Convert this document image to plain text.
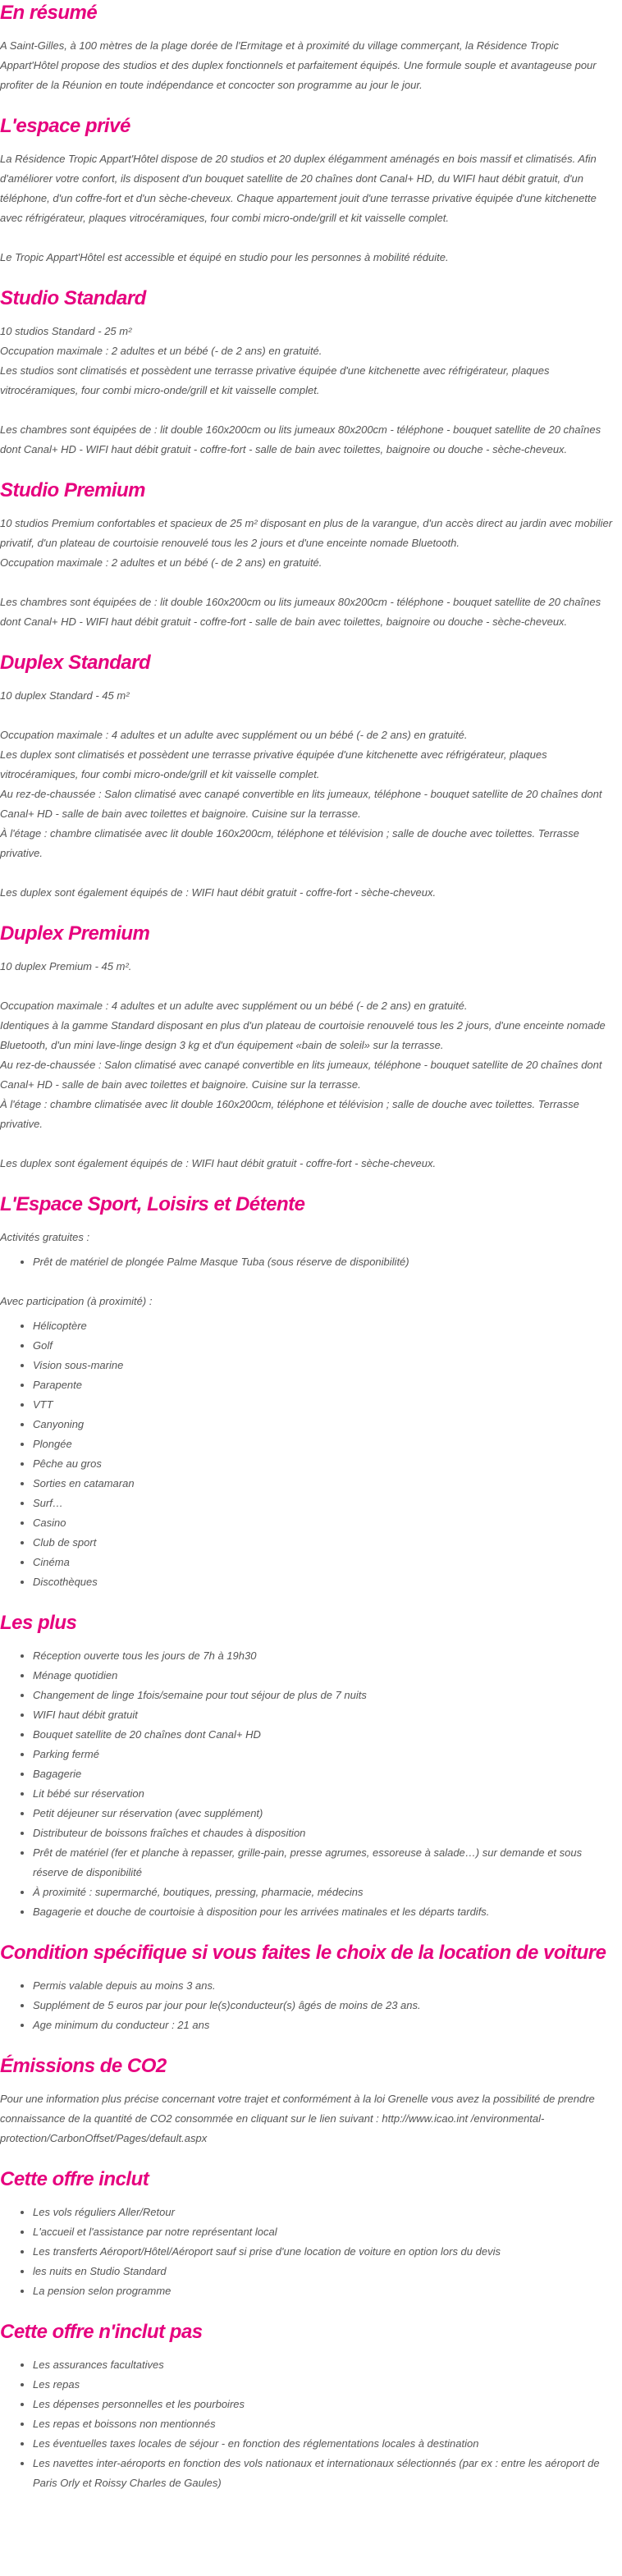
En résumé

A Saint-Gilles, à 100 mètres de la plage dorée de l'Ermitage et à proximité du village commerçant, la Résidence Tropic Appart'Hôtel propose des studios et des duplex fonctionnels et parfaitement équipés. Une formule souple et avantageuse pour profiter de la Réunion en toute indépendance et concocter son programme au jour le jour.

L'espace privé

La Résidence Tropic Appart'Hôtel dispose de 20 studios et 20 duplex élégamment aménagés en bois massif et climatisés. Afin d'améliorer votre confort, ils disposent d'un bouquet satellite de 20 chaînes dont Canal+ HD, du WIFI haut débit gratuit, d'un téléphone, d'un coffre-fort et d'un sèche-cheveux. Chaque appartement jouit d'une terrasse privative équipée d'une kitchenette avec réfrigérateur, plaques vitrocéramiques, four combi micro-onde/grill et kit vaisselle complet.

Le Tropic Appart'Hôtel est accessible et équipé en studio pour les personnes à mobilité réduite.

Studio Standard

10 studios Standard - 25 m²
Occupation maximale : 2 adultes et un bébé (- de 2 ans) en gratuité.
Les studios sont climatisés et possèdent une terrasse privative équipée d'une kitchenette avec réfrigérateur, plaques vitrocéramiques, four combi micro-onde/grill et kit vaisselle complet.

Les chambres sont équipées de : lit double 160x200cm ou lits jumeaux 80x200cm - téléphone - bouquet satellite de 20 chaînes dont Canal+ HD - WIFI haut débit gratuit - coffre-fort - salle de bain avec toilettes, baignoire ou douche - sèche-cheveux.

Studio Premium

10 studios Premium confortables et spacieux de 25 m² disposant en plus de la varangue, d'un accès direct au jardin avec mobilier privatif, d'un plateau de courtoisie renouvelé tous les 2 jours et d'une enceinte nomade Bluetooth.
Occupation maximale : 2 adultes et un bébé (- de 2 ans) en gratuité.

Les chambres sont équipées de : lit double 160x200cm ou lits jumeaux 80x200cm - téléphone - bouquet satellite de 20 chaînes dont Canal+ HD - WIFI haut débit gratuit - coffre-fort - salle de bain avec toilettes, baignoire ou douche - sèche-cheveux.

Duplex Standard

10 duplex Standard - 45 m²

Occupation maximale : 4 adultes et un adulte avec supplément ou un bébé (- de 2 ans) en gratuité.
Les duplex sont climatisés et possèdent une terrasse privative équipée d'une kitchenette avec réfrigérateur, plaques vitrocéramiques, four combi micro-onde/grill et kit vaisselle complet.
Au rez-de-chaussée : Salon climatisé avec canapé convertible en lits jumeaux, téléphone - bouquet satellite de 20 chaînes dont Canal+ HD - salle de bain avec toilettes et baignoire. Cuisine sur la terrasse.
À l'étage : chambre climatisée avec lit double 160x200cm, téléphone et télévision ; salle de douche avec toilettes. Terrasse privative.

Les duplex sont également équipés de : WIFI haut débit gratuit - coffre-fort - sèche-cheveux.

Duplex Premium

10 duplex Premium - 45 m².

Occupation maximale : 4 adultes et un adulte avec supplément ou un bébé (- de 2 ans) en gratuité.
Identiques à la gamme Standard disposant en plus d'un plateau de courtoisie renouvelé tous les 2 jours, d'une enceinte nomade Bluetooth, d'un mini lave-linge design 3 kg et d'un équipement «bain de soleil» sur la terrasse.
Au rez-de-chaussée : Salon climatisé avec canapé convertible en lits jumeaux, téléphone - bouquet satellite de 20 chaînes dont Canal+ HD - salle de bain avec toilettes et baignoire. Cuisine sur la terrasse.
À l'étage : chambre climatisée avec lit double 160x200cm, téléphone et télévision ; salle de douche avec toilettes. Terrasse privative.

Les duplex sont également équipés de : WIFI haut débit gratuit - coffre-fort - sèche-cheveux.

L'Espace Sport, Loisirs et Détente

Activités gratuites :

• Prêt de matériel de plongée Palme Masque Tuba (sous réserve de disponibilité)

Avec participation (à proximité) :

• Hélicoptère
• Golf
• Vision sous-marine
• Parapente
• VTT
• Canyoning
• Plongée
• Pêche au gros
• Sorties en catamaran
• Surf…
• Casino
• Club de sport
• Cinéma
• Discothèques
Les plus
• Réception ouverte tous les jours de 7h à 19h30
• Ménage quotidien
• Changement de linge 1fois/semaine pour tout séjour de plus de 7 nuits
• WIFI haut débit gratuit
• Bouquet satellite de 20 chaînes dont Canal+ HD
• Parking fermé
• Bagagerie
• Lit bébé sur réservation
• Petit déjeuner sur réservation (avec supplément)
• Distributeur de boissons fraîches et chaudes à disposition
• Prêt de matériel (fer et planche à repasser, grille-pain, presse agrumes, essoreuse à salade…) sur demande et sous réserve de disponibilité
• À proximité : supermarché, boutiques, pressing, pharmacie, médecins
• Bagagerie et douche de courtoisie à disposition pour les arrivées matinales et les départs tardifs.
Condition spécifique si vous faites le choix de la location de voiture
• Permis valable depuis au moins 3 ans.
• Supplément de 5 euros par jour pour le(s)conducteur(s) âgés de moins de 23 ans.
• Age minimum du conducteur : 21 ans
Émissions de CO2

Pour une information plus précise concernant votre trajet et conformément à la loi Grenelle vous avez la possibilité de prendre connaissance de la quantité de CO2 consommée en cliquant sur le lien suivant : http://www.icao.int /environmental-protection/CarbonOffset/Pages/default.aspx

Cette offre inclut
• Les vols réguliers Aller/Retour
• L'accueil et l'assistance par notre représentant local
• Les transferts Aéroport/Hôtel/Aéroport sauf si prise d'une location de voiture en option lors du devis
• les nuits en Studio Standard
• La pension selon programme
Cette offre n'inclut pas
• Les assurances facultatives
• Les repas
• Les dépenses personnelles et les pourboires
• Les repas et boissons non mentionnés
• Les éventuelles taxes locales de séjour - en fonction des réglementations locales à destination
• Les navettes inter-aéroports en fonction des vols nationaux et internationaux sélectionnés (par ex : entre les aéroport de Paris Orly et Roissy Charles de Gaules)
